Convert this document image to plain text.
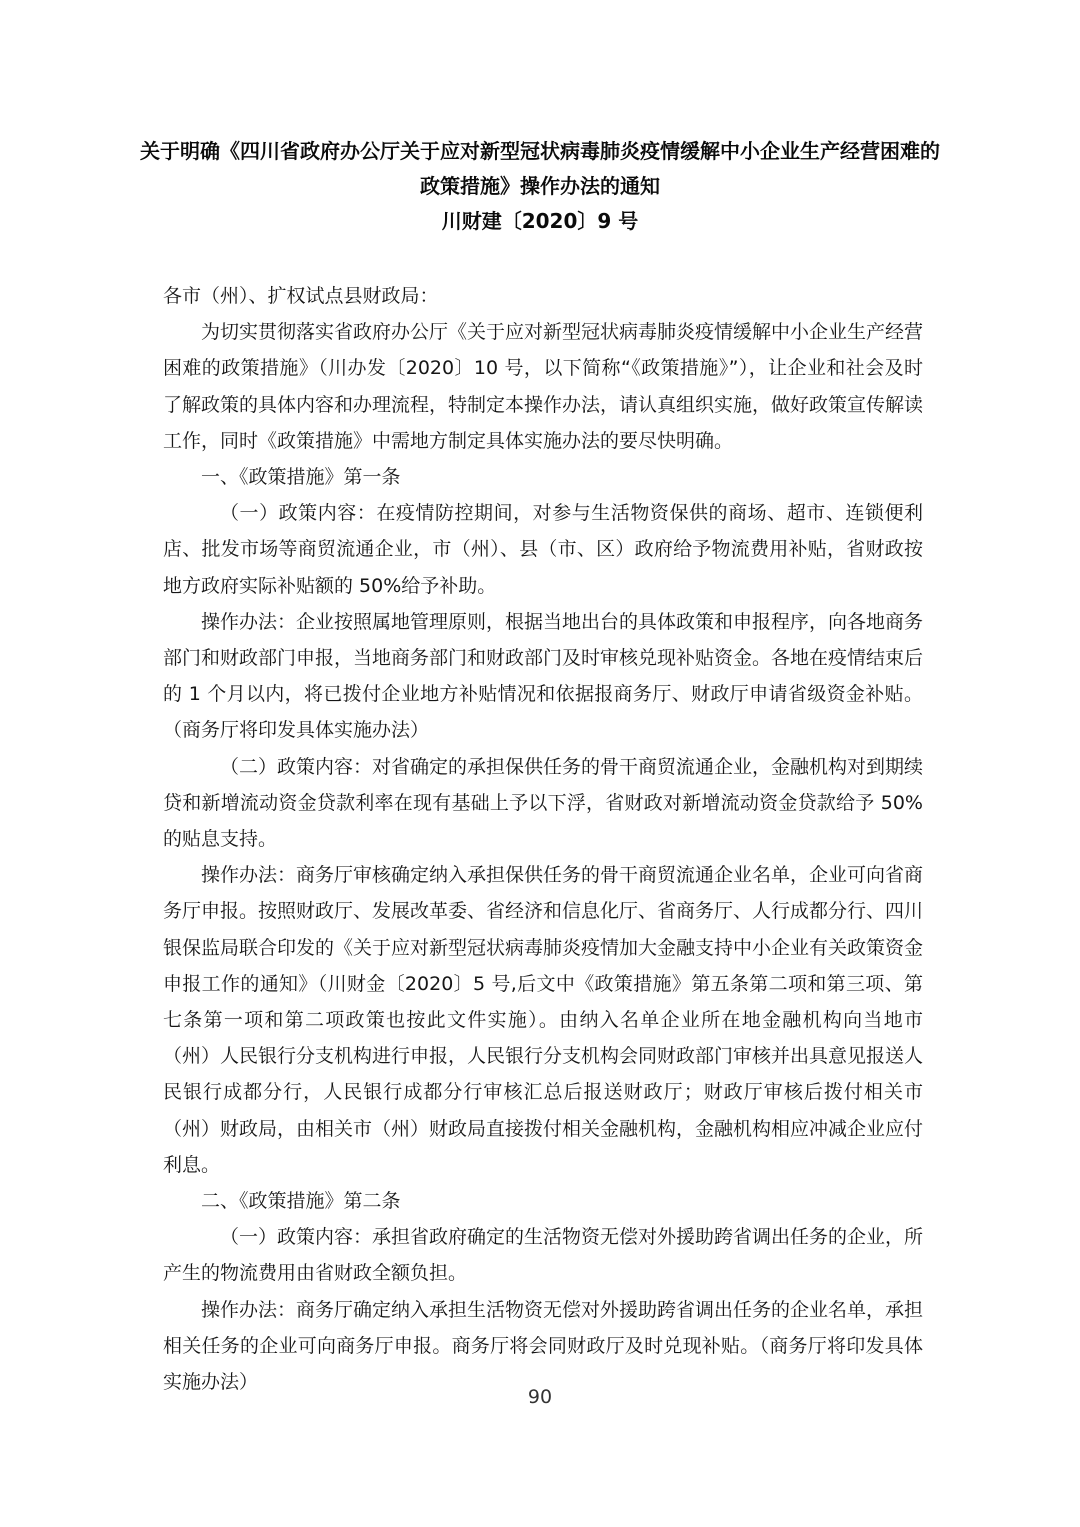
关于明确《四川省政府办公厅关于应对新型冠状病毒肺炎疫情缓解中小企业生产经营困难的
政策措施》操作办法的通知
川财建〔2020〕9 号

各市（州）、扩权试点县财政局：

为切实贯彻落实省政府办公厅《关于应对新型冠状病毒肺炎疫情缓解中小企业生产经营困难的政策措施》（川办发〔2020〕10 号，以下简称“《政策措施》”），让企业和社会及时了解政策的具体内容和办理流程，特制定本操作办法，请认真组织实施，做好政策宣传解读工作，同时《政策措施》中需地方制定具体实施办法的要尽快明确。

一、《政策措施》第一条

（一）政策内容：在疫情防控期间，对参与生活物资保供的商场、超市、连锁便利店、批发市场等商贸流通企业，市（州）、县（市、区）政府给予物流费用补贴，省财政按地方政府实际补贴额的 50%给予补助。

操作办法：企业按照属地管理原则，根据当地出台的具体政策和申报程序，向各地商务部门和财政部门申报，当地商务部门和财政部门及时审核兑现补贴资金。各地在疫情结束后的 1 个月以内，将已拨付企业地方补贴情况和依据报商务厅、财政厅申请省级资金补贴。（商务厅将印发具体实施办法）

（二）政策内容：对省确定的承担保供任务的骨干商贸流通企业，金融机构对到期续贷和新增流动资金贷款利率在现有基础上予以下浮，省财政对新增流动资金贷款给予 50%的贴息支持。

操作办法：商务厅审核确定纳入承担保供任务的骨干商贸流通企业名单，企业可向省商务厅申报。按照财政厅、发展改革委、省经济和信息化厅、省商务厅、人行成都分行、四川银保监局联合印发的《关于应对新型冠状病毒肺炎疫情加大金融支持中小企业有关政策资金申报工作的通知》（川财金〔2020〕5 号,后文中《政策措施》第五条第二项和第三项、第七条第一项和第二项政策也按此文件实施）。由纳入名单企业所在地金融机构向当地市（州）人民银行分支机构进行申报，人民银行分支机构会同财政部门审核并出具意见报送人民银行成都分行，人民银行成都分行审核汇总后报送财政厅；财政厅审核后拨付相关市（州）财政局，由相关市（州）财政局直接拨付相关金融机构，金融机构相应冲减企业应付利息。

二、《政策措施》第二条

（一）政策内容：承担省政府确定的生活物资无偿对外援助跨省调出任务的企业，所产生的物流费用由省财政全额负担。

操作办法：商务厅确定纳入承担生活物资无偿对外援助跨省调出任务的企业名单，承担相关任务的企业可向商务厅申报。商务厅将会同财政厅及时兑现补贴。（商务厅将印发具体实施办法）

90
